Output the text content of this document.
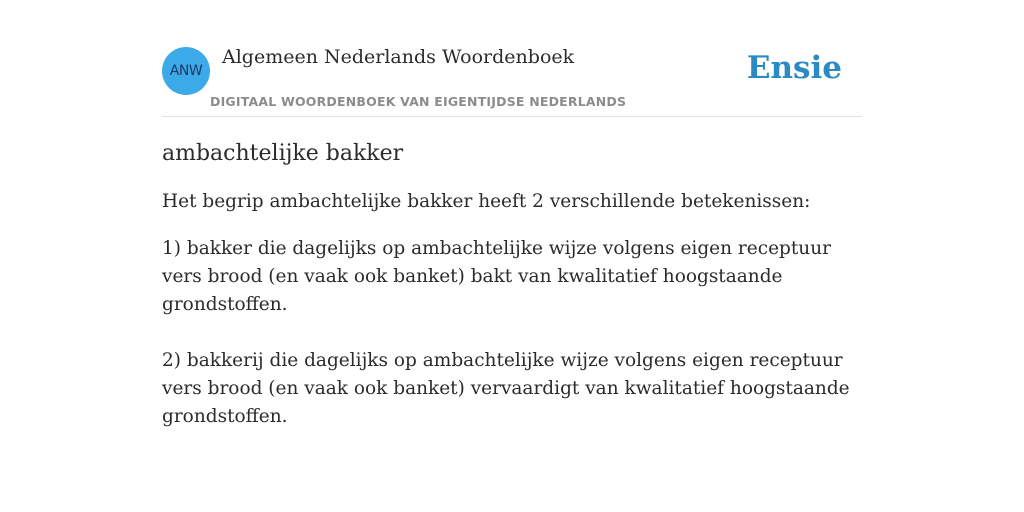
ANW
Algemeen Nederlands Woordenboek
DIGITAAL WOORDENBOEK VAN EIGENTIJDSE NEDERLANDS
Ensie
ambachtelijke bakker

Het begrip ambachtelijke bakker heeft 2 verschillende betekenissen:

1) bakker die dagelijks op ambachtelijke wijze volgens eigen receptuur vers brood (en vaak ook banket) bakt van kwalitatief hoogstaande grondstoffen.

2) bakkerij die dagelijks op ambachtelijke wijze volgens eigen receptuur vers brood (en vaak ook banket) vervaardigt van kwalitatief hoogstaande grondstoffen.
